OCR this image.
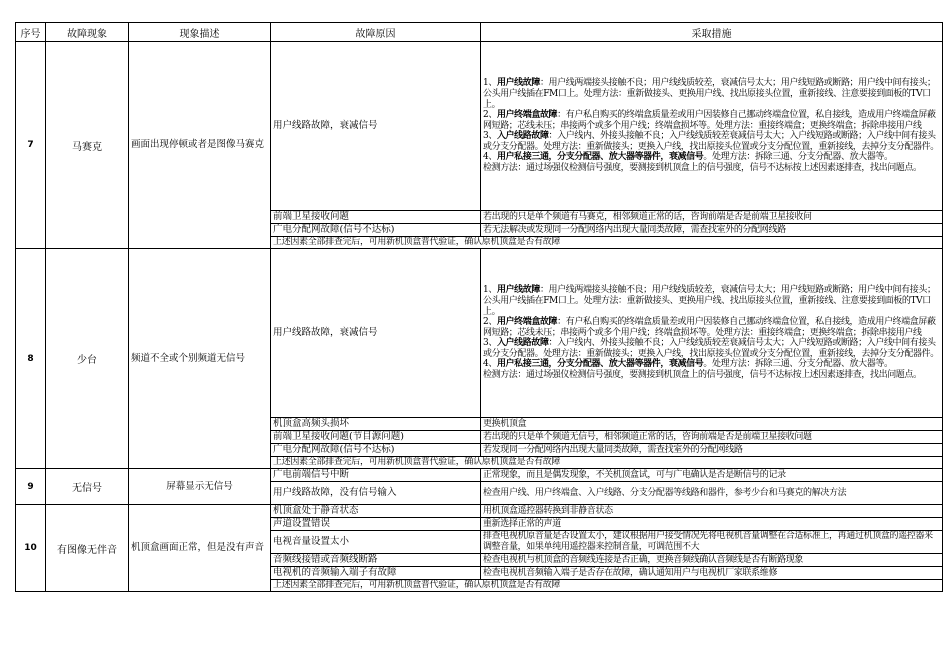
序号	故障现象	现象描述	故障原因	采取措施
7	马赛克	画面出现停顿或者是图像马赛克	用户线路故障，衰减信号	1、用户线故障：用户线两端接头接触不良；用户线线质较差，衰减信号太大；用户线短路或断路；用户线中间有接头；公头用户线插在FM口上。处理方法：重新做接头、更换用户线、找出原接头位置，重新接线、注意要接到面板的TV口上。
2、用户终端盒故障：有户私自购买的终端盒质量差或用户因装修自己挪动终端盒位置，私自接线，造成用户终端盒屏蔽网短路；芯线未压；串接两个或多个用户线；终端盒损坏等。处理方法：重接终端盒；更换终端盒；拆除串接用户线
3、入户线路故障：入户线内、外接头接触不良；入户线线质较差衰减信号太大；入户线短路或断路；入户线中间有接头或分支分配器。处理方法：重新做接头；更换入户线，找出原接头位置或分支分配位置，重新接线，去掉分支分配器件。
4、用户私接三通，分支分配器、放大器等器件，衰减信号。处理方法：拆除三通、分支分配器、放大器等。
检测方法：通过场强仪检测信号强度，要测接到机顶盒上的信号强度，信号不达标按上述因素逐排查，找出问题点。

			前端卫星接收问题	若出现的只是单个频道有马赛克，相邻频道正常的话，咨询前端是否是前端卫星接收问
			广电分配网故障(信号不达标)	若无法解决或发现同一分配网络内出现大量同类故障，需查找室外的分配网线路
			上述因素全部排查完后，可用新机顶盒普代验证，确认原机顶盒是否有故障	
8	少台	频道不全或个别频道无信号	用户线路故障，衰减信号	1、用户线故障：用户线两端接头接触不良；用户线线质较差，衰减信号太大；用户线短路或断路；用户线中间有接头；公头用户线插在FM口上。处理方法：重新做接头、更换用户线、找出原接头位置，重新接线、注意要接到面板的TV口上。
2、用户终端盒故障：有户私自购买的终端盒质量差或用户因装修自己挪动终端盒位置，私自接线，造成用户终端盒屏蔽网短路；芯线未压；串接两个或多个用户线；终端盒损坏等。处理方法：重接终端盒；更换终端盒；拆除串接用户线
3、入户线路故障：入户线内、外接头接触不良；入户线线质较差衰减信号太大；入户线短路或断路；入户线中间有接头或分支分配器。处理方法：重新做接头；更换入户线，找出原接头位置或分支分配位置，重新接线，去掉分支分配器件。
4、用户私接三通，分支分配器、放大器等器件，衰减信号。处理方法：拆除三通、分支分配器、放大器等。
检测方法：通过场强仪检测信号强度，要测接到机顶盒上的信号强度，信号不达标按上述因素逐排查，找出问题点。

			机顶盒高频头损坏	更换机顶盒
			前端卫星接收问题(节目源问题)	若出现的只是单个频道无信号，相邻频道正常的话，咨询前端是否是前端卫星接收问题
			广电分配网故障(信号不达标)	若发现同一分配网络内出现大量同类故障，需查找室外的分配网线路
			上述因素全部排查完后，可用新机顶盒普代验证，确认原机顶盒是否有故障	
9	无信号	屏幕显示无信号	广电前端信号中断	正常现象，而且是偶发现象，不关机顶盒试，可与广电确认是否是断信号的记录
			用户线路故障，没有信号输入	检查用户线、用户终端盒、入户线路、分支分配器等线路和器件，参考少台和马赛克的解决方法
10	有图像无伴音	机顶盒画面正常，但是没有声音	机顶盒处于静音状态	用机顶盒遥控器转换到非静音状态
			声道设置错误	重新选择正常的声道
			电视音量设置太小	排查电视机原音量是否设置太小，建议根据用户接受情况先将电视机音量调整在合适标准上，再通过机顶盒的遥控器来调整音量，如果单纯用遥控器来控制音量，可调范围不大
			音频线接错或音频线断路	检查电视机与机顶盒的音频线连接是否正确，更换音频线确认音频线是否有断路现象
			电视机的音频输入端子有故障	检查电视机音频输入端子是否存在故障，确认通知用户与电视机厂家联系维修
			上述因素全部排查完后，可用新机顶盒普代验证，确认原机顶盒是否有故障	
